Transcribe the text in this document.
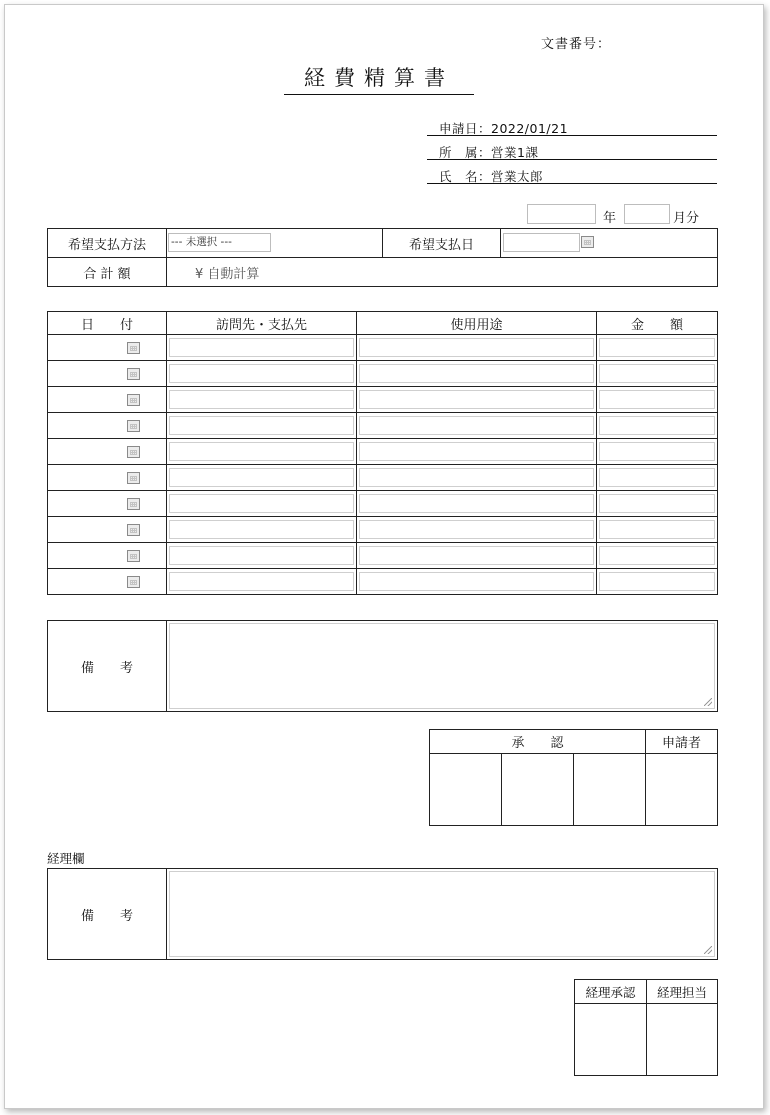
文書番号：
経費精算書
申請日：2022/01/21
所　属：営業1課
氏　名：営業太郎
年	月分
希望支払方法	--- 未選択 ---	希望支払日	

合 計 額	¥ 自動計算		
日　　付	訪問先・支払先	使用用途	金　　額

備　　考	
承　　認			申請者

経理欄
備　　考	
経理承認	経理担当
